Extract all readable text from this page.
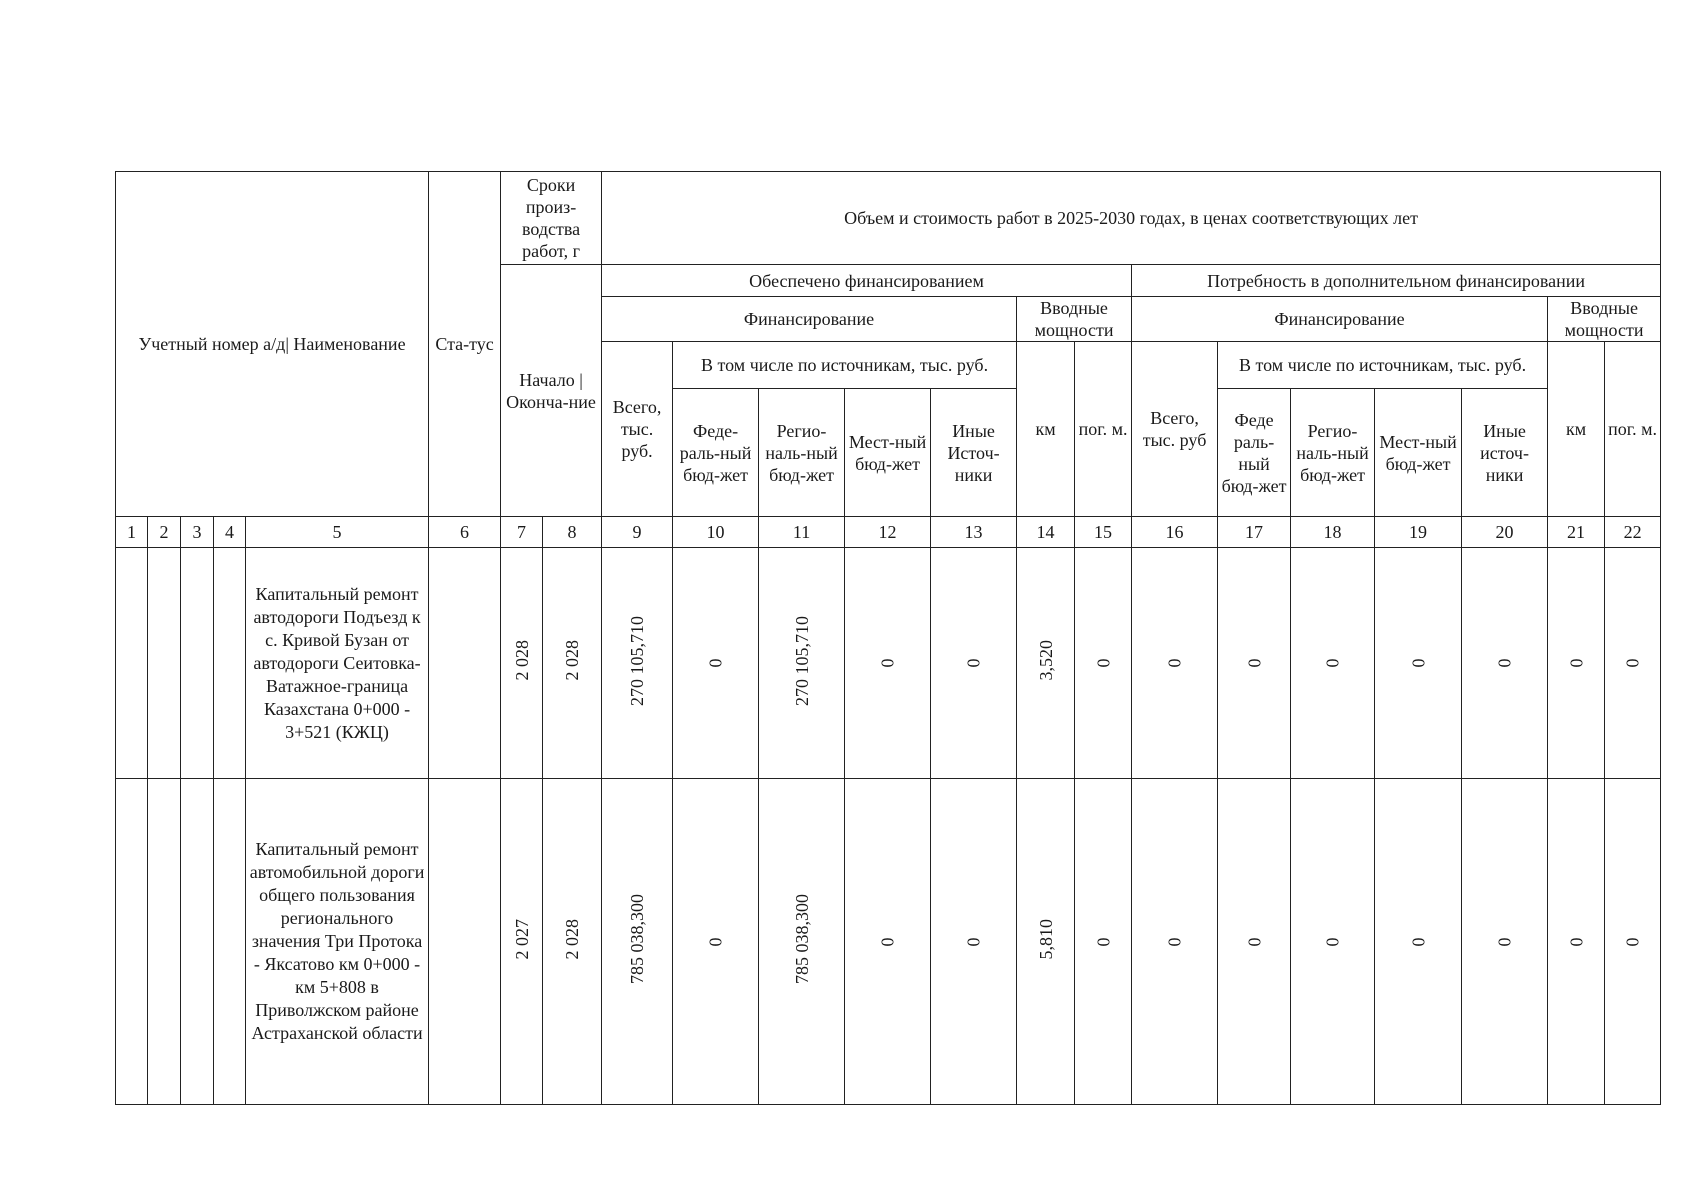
Учетный номер а/д| Наименование					Ста-тус	Сроки произ-водства работ, г		Объем и стоимость работ в 2025-2030 годах, в ценах соответствующих лет													
						Начало | Оконча-ние		Обеспечено финансированием							Потребность в дополнительном финансировании						
								Финансирование					Вводные мощности		Финансирование					Вводные мощности	
								Всего, тыс. руб.	В том числе по источникам, тыс. руб.				км	пог. м.	Всего, тыс. руб	В том числе по источникам, тыс. руб.				км	пог. м.
									Феде-раль-ный бюд-жет	Регио-наль-ный бюд-жет	Мест-ный бюд-жет	Иные Источ-ники				Феде раль-ный бюд-жет	Регио-наль-ный бюд-жет	Мест-ный бюд-жет	Иные источ-ники		
1	2	3	4	5	6	7	8	9	10	11	12	13	14	15	16	17	18	19	20	21	22
				Капитальный ремонт автодороги Подъезд к с. Кривой Бузан от автодороги Сеитовка-Ватажное-граница Казахстана 0+000 - 3+521 (КЖЦ)		2 028	2 028	270 105,710	0	270 105,710	0	0	3,520	0	0	0	0	0	0	0	0
				Капитальный ремонт автомобильной дороги общего пользования регионального значения Три Протока - Яксатово км 0+000 - км 5+808 в Приволжском районе Астраханской области		2 027	2 028	785 038,300	0	785 038,300	0	0	5,810	0	0	0	0	0	0	0	0
